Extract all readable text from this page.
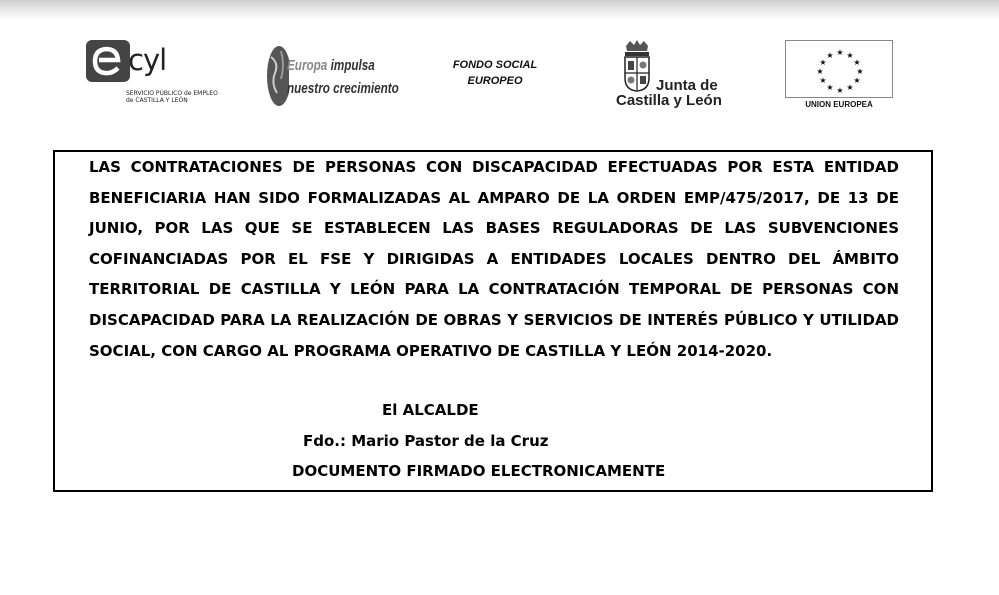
cyl
SERVICIO PÚBLICO de EMPLEO
de CASTILLA Y LEÓN
Europa impulsa
nuestro crecimiento
FONDO SOCIAL
EUROPEO	Junta de
Castilla y León
★ ★
★
★
★
★
★
★
★
★
★
★
UNION EUROPEA

LAS CONTRATACIONES DE PERSONAS CON DISCAPACIDAD EFECTUADAS POR ESTA ENTIDAD BENEFICIARIA HAN SIDO FORMALIZADAS AL AMPARO DE LA ORDEN EMP/475/2017, DE 13 DE JUNIO, POR LAS QUE SE ESTABLECEN LAS BASES REGULADORAS DE LAS SUBVENCIONES COFINANCIADAS POR EL FSE Y DIRIGIDAS A ENTIDADES LOCALES DENTRO DEL ÁMBITO TERRITORIAL DE CASTILLA Y LEÓN PARA LA CONTRATACIÓN TEMPORAL DE PERSONAS CON DISCAPACIDAD PARA LA REALIZACIÓN DE OBRAS Y SERVICIOS DE INTERÉS PÚBLICO Y UTILIDAD SOCIAL, CON CARGO AL PROGRAMA OPERATIVO DE CASTILLA Y LEÓN 2014-2020.

El ALCALDE
Fdo.: Mario Pastor de la Cruz
DOCUMENTO FIRMADO ELECTRONICAMENTE
